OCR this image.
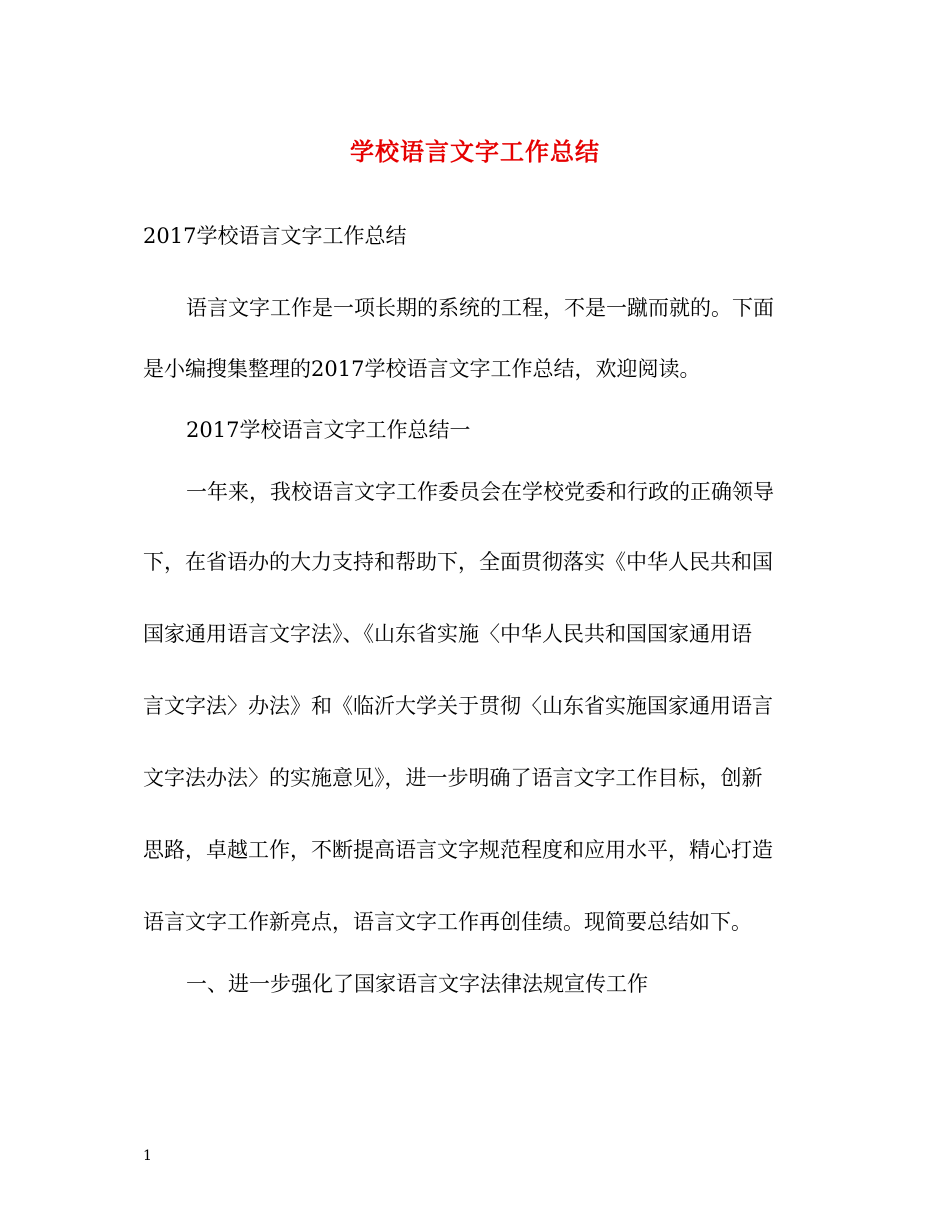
学校语言文字工作总结

2017学校语言文字工作总结

语言文字工作是一项长期的系统的工程，不是一蹴而就的。下面

是小编搜集整理的2017学校语言文字工作总结，欢迎阅读。

2017学校语言文字工作总结一

一年来，我校语言文字工作委员会在学校党委和行政的正确领导

下，在省语办的大力支持和帮助下，全面贯彻落实《中华人民共和国

国家通用语言文字法》、《山东省实施〈中华人民共和国国家通用语

言文字法〉办法》和《临沂大学关于贯彻〈山东省实施国家通用语言

文字法办法〉的实施意见》，进一步明确了语言文字工作目标，创新

思路，卓越工作，不断提高语言文字规范程度和应用水平，精心打造

语言文字工作新亮点，语言文字工作再创佳绩。现简要总结如下。

一、进一步强化了国家语言文字法律法规宣传工作

1
